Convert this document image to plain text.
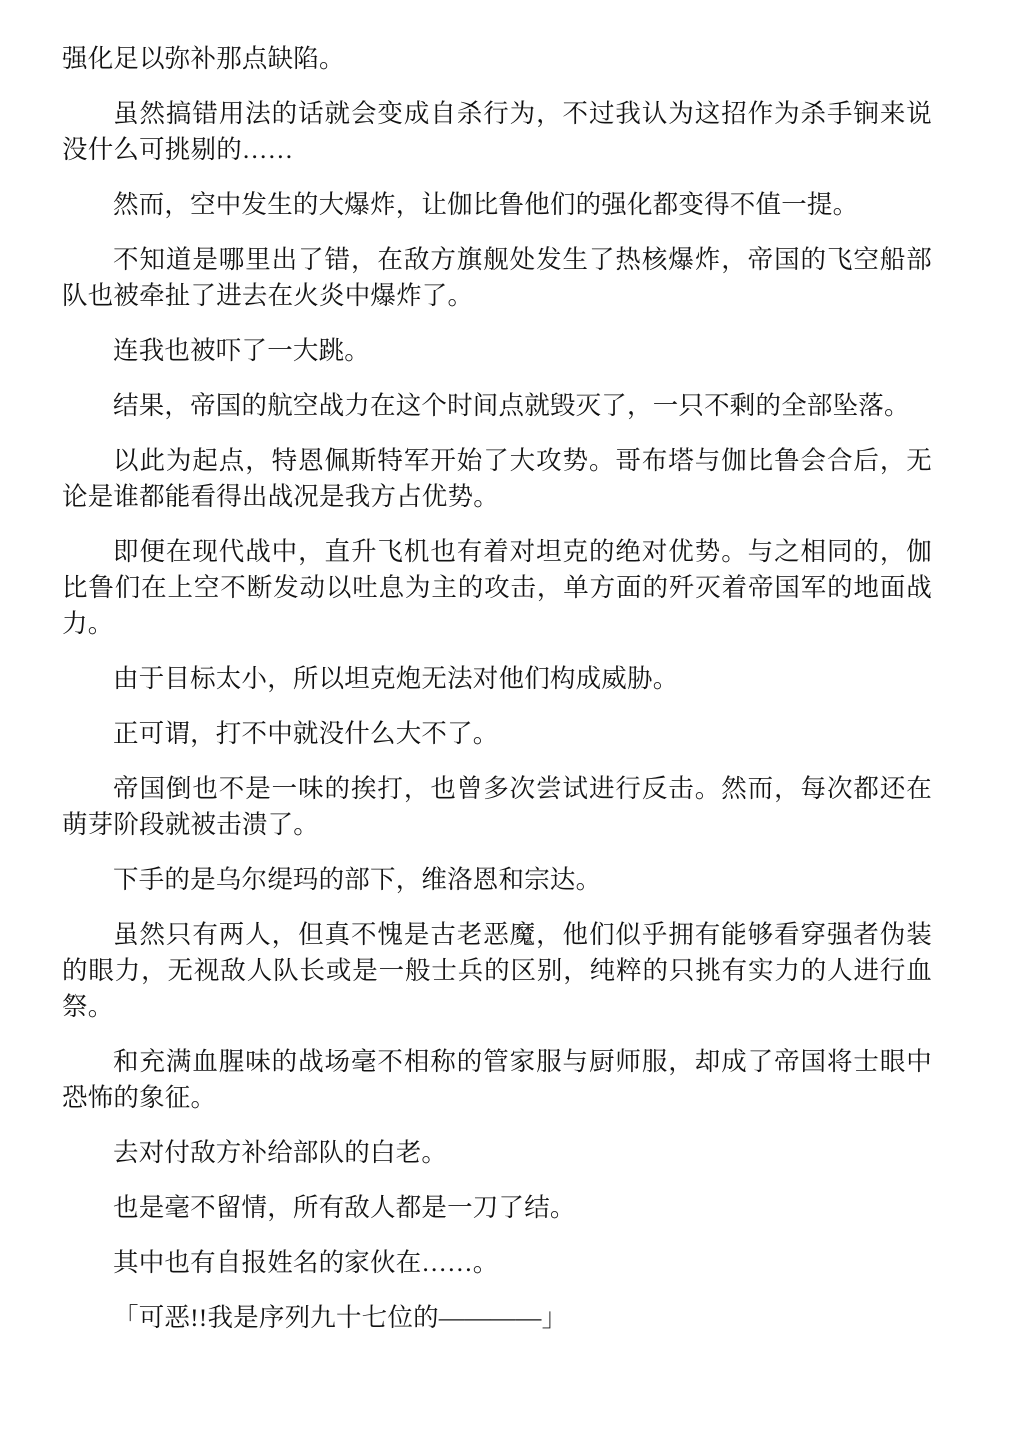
强化足以弥补那点缺陷。

虽然搞错用法的话就会变成自杀行为，不过我认为这招作为杀手锏来说没什么可挑剔的……

然而，空中发生的大爆炸，让伽比鲁他们的强化都变得不值一提。

不知道是哪里出了错，在敌方旗舰处发生了热核爆炸，帝国的飞空船部队也被牵扯了进去在火炎中爆炸了。

连我也被吓了一大跳。

结果，帝国的航空战力在这个时间点就毁灭了，一只不剩的全部坠落。

以此为起点，特恩佩斯特军开始了大攻势。哥布塔与伽比鲁会合后，无论是谁都能看得出战况是我方占优势。

即便在现代战中，直升飞机也有着对坦克的绝对优势。与之相同的，伽比鲁们在上空不断发动以吐息为主的攻击，单方面的歼灭着帝国军的地面战力。

由于目标太小，所以坦克炮无法对他们构成威胁。

正可谓，打不中就没什么大不了。

帝国倒也不是一味的挨打，也曾多次尝试进行反击。然而，每次都还在萌芽阶段就被击溃了。

下手的是乌尔缇玛的部下，维洛恩和宗达。

虽然只有两人，但真不愧是古老恶魔，他们似乎拥有能够看穿强者伪装的眼力，无视敌人队长或是一般士兵的区别，纯粹的只挑有实力的人进行血祭。

和充满血腥味的战场毫不相称的管家服与厨师服，却成了帝国将士眼中恐怖的象征。

去对付敌方补给部队的白老。

也是毫不留情，所有敌人都是一刀了结。

其中也有自报姓名的家伙在……。

「可恶!!我是序列九十七位的————」
